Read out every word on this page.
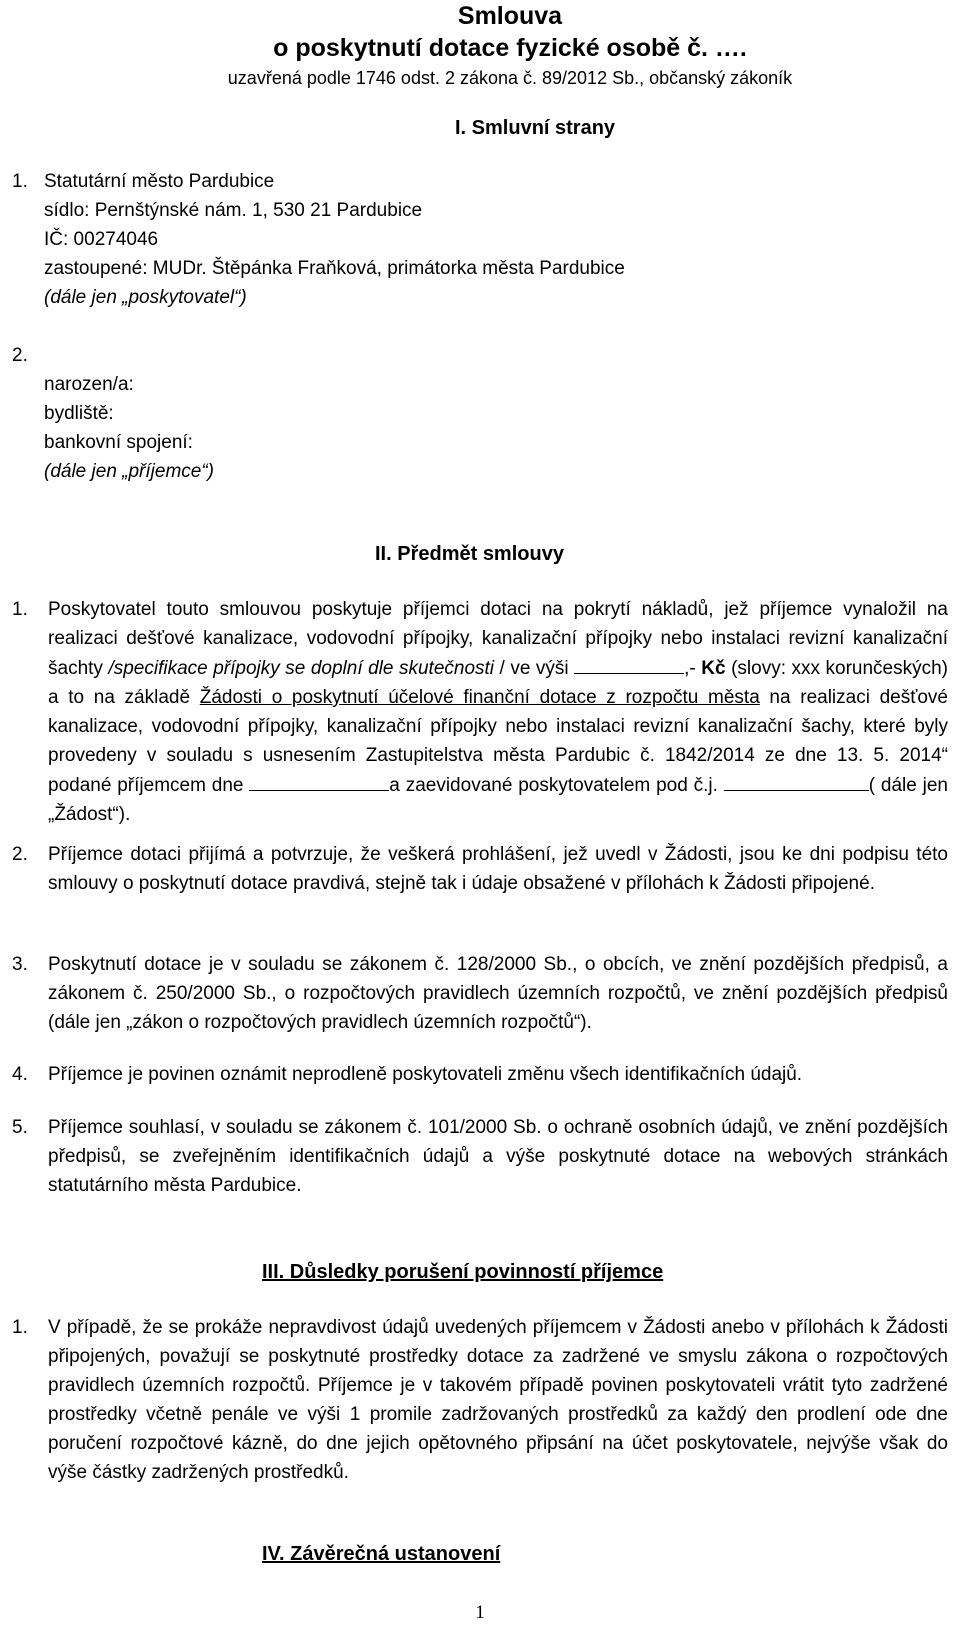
Smlouva
o poskytnutí dotace fyzické osobě č. ….
uzavřená podle 1746 odst. 2 zákona č. 89/2012 Sb., občanský zákoník
I. Smluvní strany
1. Statutární město Pardubice
sídlo: Pernštýnské nám. 1, 530 21 Pardubice
IČ: 00274046
zastoupené: MUDr. Štěpánka Fraňková, primátorka města Pardubice
(dále jen „poskytovatel“)
2.
narozen/a:
bydliště:
bankovní spojení:
(dále jen „příjemce“)
II. Předmět smlouvy
1.	Poskytovatel touto smlouvou poskytuje příjemci dotaci na pokrytí nákladů, jež příjemce vynaložil na realizaci dešťové kanalizace, vodovodní přípojky, kanalizační přípojky nebo instalaci revizní kanalizační šachty /specifikace přípojky se doplní dle skutečnosti / ve výši	,- Kč (slovy: xxx korunčeských) a to na základě Žádosti o poskytnutí účelové finanční dotace z rozpočtu města na realizaci dešťové kanalizace, vodovodní přípojky, kanalizační přípojky nebo instalaci revizní kanalizační šachy, které byly provedeny v souladu s usnesením Zastupitelstva města Pardubic č. 1842/2014 ze dne 13. 5. 2014“ podané příjemcem dne	a zaevidované poskytovatelem pod č.j.	( dále jen „Žádost“).
2.	Příjemce dotaci přijímá a potvrzuje, že veškerá prohlášení, jež uvedl v Žádosti, jsou ke dni podpisu této smlouvy o poskytnutí dotace pravdivá, stejně tak i údaje obsažené v přílohách k Žádosti připojené.
3.	Poskytnutí dotace je v souladu se zákonem č. 128/2000 Sb., o obcích, ve znění pozdějších předpisů, a zákonem č. 250/2000 Sb., o rozpočtových pravidlech územních rozpočtů, ve znění pozdějších předpisů (dále jen „zákon o rozpočtových pravidlech územních rozpočtů“).
4.	Příjemce je povinen oznámit neprodleně poskytovateli změnu všech identifikačních údajů.
5.	Příjemce souhlasí, v souladu se zákonem č. 101/2000 Sb. o ochraně osobních údajů, ve znění pozdějších předpisů, se zveřejněním identifikačních údajů a výše poskytnuté dotace na webových stránkách statutárního města Pardubice.
III. Důsledky porušení povinností příjemce
1.	V případě, že se prokáže nepravdivost údajů uvedených příjemcem v Žádosti anebo v přílohách k Žádosti připojených, považují se poskytnuté prostředky dotace za zadržené ve smyslu zákona o rozpočtových pravidlech územních rozpočtů. Příjemce je v takovém případě povinen poskytovateli vrátit tyto zadržené prostředky včetně penále ve výši 1 promile zadržovaných prostředků za každý den prodlení ode dne poručení rozpočtové kázně, do dne jejich opětovného připsání na účet poskytovatele, nejvýše však do výše částky zadržených prostředků.
IV. Závěrečná ustanovení
1
